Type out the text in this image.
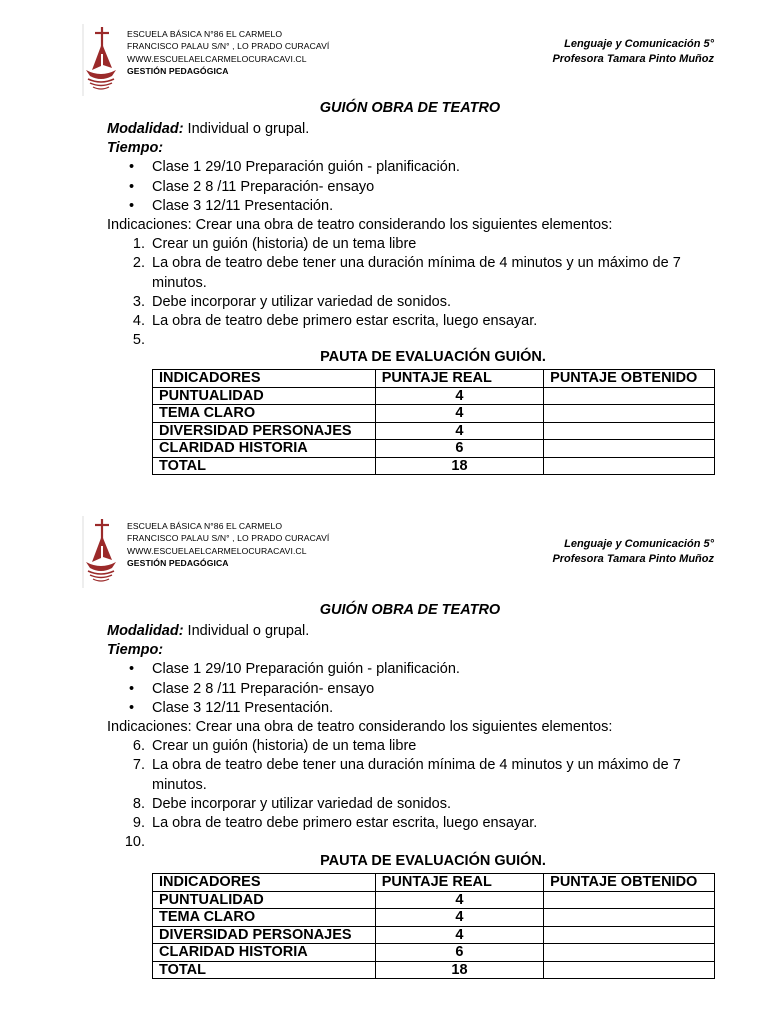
ESCUELA BÁSICA N°86 EL CARMELO
FRANCISCO PALAU S/N° , LO PRADO CURACAVÍ
WWW.ESCUELAELCARMELOCURACAVI.CL
GESTIÓN PEDAGÓGICA
Lenguaje y Comunicación 5°
Profesora Tamara Pinto Muñoz
GUIÓN OBRA DE TEATRO
Modalidad: Individual o grupal.
Tiempo:
• Clase 1 29/10 Preparación guión - planificación.
• Clase 2 8 /11 Preparación- ensayo
• Clase 3 12/11 Presentación.
Indicaciones: Crear una obra de teatro considerando los siguientes elementos:
1. Crear un guión (historia) de un tema libre
2. La obra de teatro debe tener una duración mínima de 4 minutos y un máximo de 7 minutos.
3. Debe incorporar y utilizar variedad de sonidos.
4. La obra de teatro debe primero estar escrita, luego ensayar.
5.

PAUTA DE EVALUACIÓN GUIÓN.
INDICADORES	PUNTAJE REAL	PUNTAJE OBTENIDO
PUNTUALIDAD	4	
TEMA CLARO	4	
DIVERSIDAD PERSONAJES	4	
CLARIDAD HISTORIA	6	
TOTAL	18	
ESCUELA BÁSICA N°86 EL CARMELO
FRANCISCO PALAU S/N° , LO PRADO CURACAVÍ
WWW.ESCUELAELCARMELOCURACAVI.CL
GESTIÓN PEDAGÓGICA
Lenguaje y Comunicación 5°
Profesora Tamara Pinto Muñoz
GUIÓN OBRA DE TEATRO
Modalidad: Individual o grupal.
Tiempo:
• Clase 1 29/10 Preparación guión - planificación.
• Clase 2 8 /11 Preparación- ensayo
• Clase 3 12/11 Presentación.
Indicaciones: Crear una obra de teatro considerando los siguientes elementos:
6. Crear un guión (historia) de un tema libre
7. La obra de teatro debe tener una duración mínima de 4 minutos y un máximo de 7 minutos.
8. Debe incorporar y utilizar variedad de sonidos.
9. La obra de teatro debe primero estar escrita, luego ensayar.
10.

PAUTA DE EVALUACIÓN GUIÓN.
INDICADORES	PUNTAJE REAL	PUNTAJE OBTENIDO
PUNTUALIDAD	4	
TEMA CLARO	4	
DIVERSIDAD PERSONAJES	4	
CLARIDAD HISTORIA	6	
TOTAL	18	
